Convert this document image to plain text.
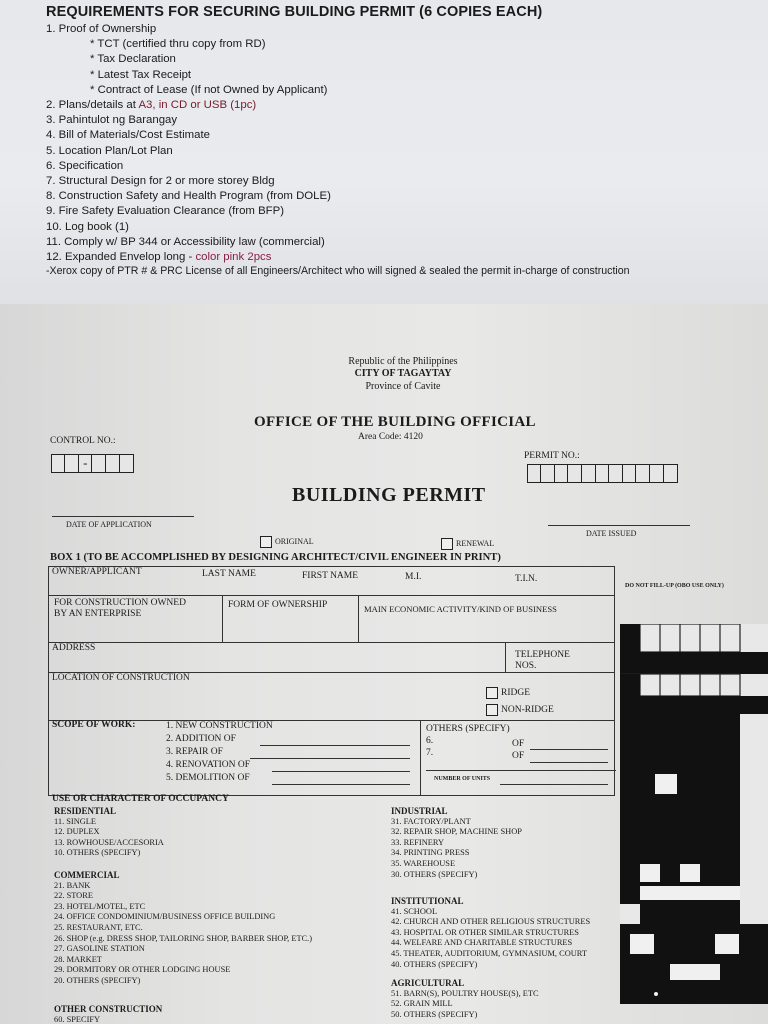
REQUIREMENTS FOR SECURING BUILDING PERMIT (6 COPIES EACH)
1. Proof of Ownership
* TCT (certified thru copy from RD)
* Tax Declaration
* Latest Tax Receipt
* Contract of Lease (If not Owned by Applicant)
2. Plans/details at A3, in CD or USB (1pc)
3. Pahintulot ng Barangay
4. Bill of Materials/Cost Estimate
5. Location Plan/Lot Plan
6. Specification
7. Structural Design for 2 or more storey Bldg
8. Construction Safety and Health Program (from DOLE)
9. Fire Safety Evaluation Clearance (from BFP)
10. Log book (1)
11. Comply w/ BP 344 or Accessibility law (commercial)
12. Expanded Envelop long - color pink 2pcs
-Xerox copy of PTR # & PRC License of all Engineers/Architect who will signed & sealed the permit in-charge of construction
Republic of the Philippines
CITY OF TAGAYTAY
Province of Cavite
OFFICE OF THE BUILDING OFFICIAL
Area Code: 4120
CONTROL NO.:
-	PERMIT NO.:
BUILDING PERMIT
DATE OF APPLICATION
DATE ISSUED
ORIGINAL	RENEWAL
BOX 1 (TO BE ACCOMPLISHED BY DESIGNING ARCHITECT/CIVIL ENGINEER IN PRINT)
OWNER/APPLICANT	LAST NAME	FIRST NAME	M.I.	T.I.N.
DO NOT FILL-UP (OBO USE ONLY)
FOR CONSTRUCTION OWNED
BY AN ENTERPRISE
FORM OF OWNERSHIP	MAIN ECONOMIC ACTIVITY/KIND OF BUSINESS
ADDRESS
TELEPHONE
NOS.
LOCATION OF CONSTRUCTION
RIDGE
NON-RIDGE
SCOPE OF WORK:	1. NEW CONSTRUCTION
2. ADDITION OF
3. REPAIR OF
4. RENOVATION OF
5. DEMOLITION OF
OTHERS (SPECIFY)
6.
7.
OF
OF
NUMBER OF UNITS
USE OR CHARACTER OF OCCUPANCY
RESIDENTIAL
11. SINGLE
12. DUPLEX
13. ROWHOUSE/ACCESORIA
10. OTHERS (SPECIFY)
COMMERCIAL
21. BANK
22. STORE
23. HOTEL/MOTEL, ETC
24. OFFICE CONDOMINIUM/BUSINESS OFFICE BUILDING
25. RESTAURANT, ETC.
26. SHOP (e.g. DRESS SHOP, TAILORING SHOP, BARBER SHOP, ETC.)
27. GASOLINE STATION
28. MARKET
29. DORMITORY OR OTHER LODGING HOUSE
20. OTHERS (SPECIFY)
OTHER CONSTRUCTION
60. SPECIFY
INDUSTRIAL
31. FACTORY/PLANT
32. REPAIR SHOP, MACHINE SHOP
33. REFINERY
34. PRINTING PRESS
35. WAREHOUSE
30. OTHERS (SPECIFY)
INSTITUTIONAL
41. SCHOOL
42. CHURCH AND OTHER RELIGIOUS STRUCTURES
43. HOSPITAL OR OTHER SIMILAR STRUCTURES
44. WELFARE AND CHARITABLE STRUCTURES
45. THEATER, AUDITORIUM, GYMNASIUM, COURT
40. OTHERS (SPECIFY)
AGRICULTURAL
51. BARN(S), POULTRY HOUSE(S), ETC
52. GRAIN MILL
50. OTHERS (SPECIFY)
